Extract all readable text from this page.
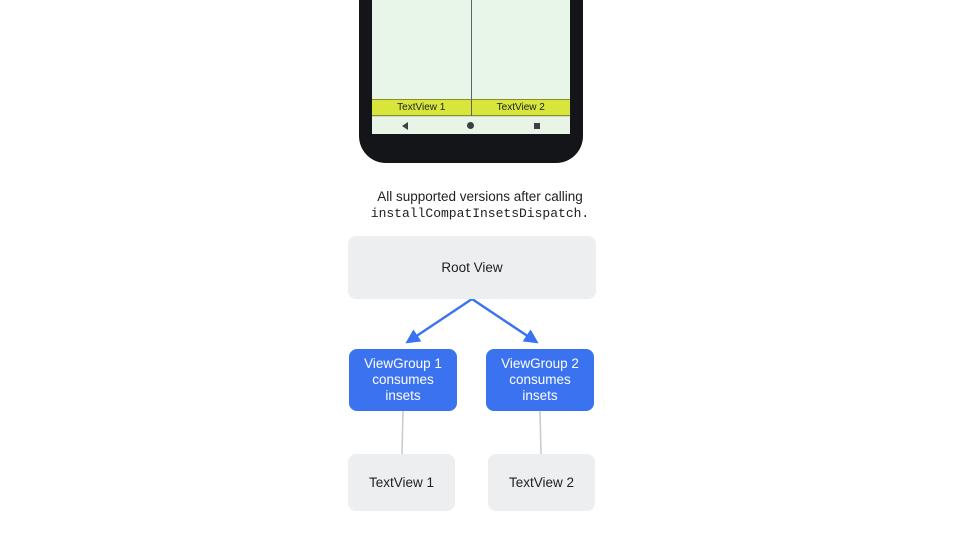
TextView 1	TextView 2
All supported versions after calling
installCompatInsetsDispatch.
Root View
ViewGroup 1 consumes insets
ViewGroup 2 consumes insets
TextView 1	TextView 2
